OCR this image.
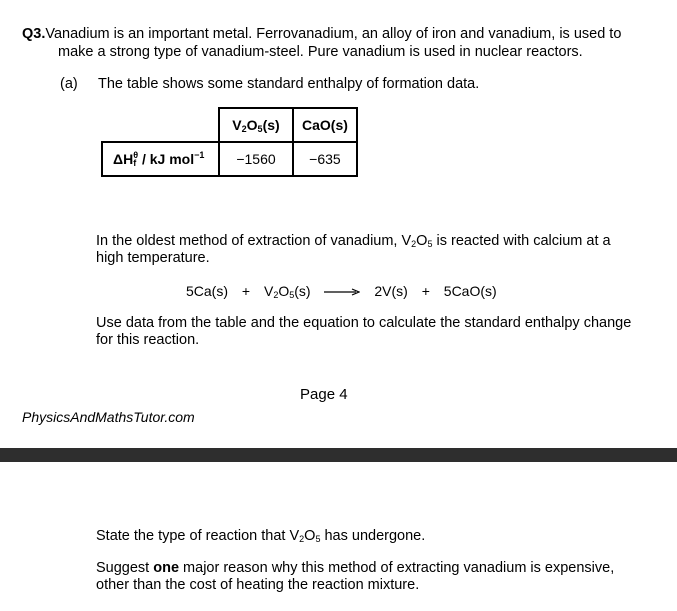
Q3.Vanadium is an important metal. Ferrovanadium, an alloy of iron and vanadium, is used to
make a strong type of vanadium-steel. Pure vanadium is used in nuclear reactors.
(a) The table shows some standard enthalpy of formation data.
	$V_2O_5(s)$	CaO(s)
$\Delta H_f^\theta$ / kJ mol$^{-1}$	−1560	−635
In the oldest method of extraction of vanadium, $V_2O_5$ is reacted with calcium at a
high temperature.
$5Ca(s) + V_2O_5(s) \to 2V(s) + 5CaO(s)$
Use data from the table and the equation to calculate the standard enthalpy change
for this reaction.
Page 4
PhysicsAndMathsTutor.com
State the type of reaction that $V_2O_5$ has undergone.
Suggest one major reason why this method of extracting vanadium is expensive,
other than the cost of heating the reaction mixture.
